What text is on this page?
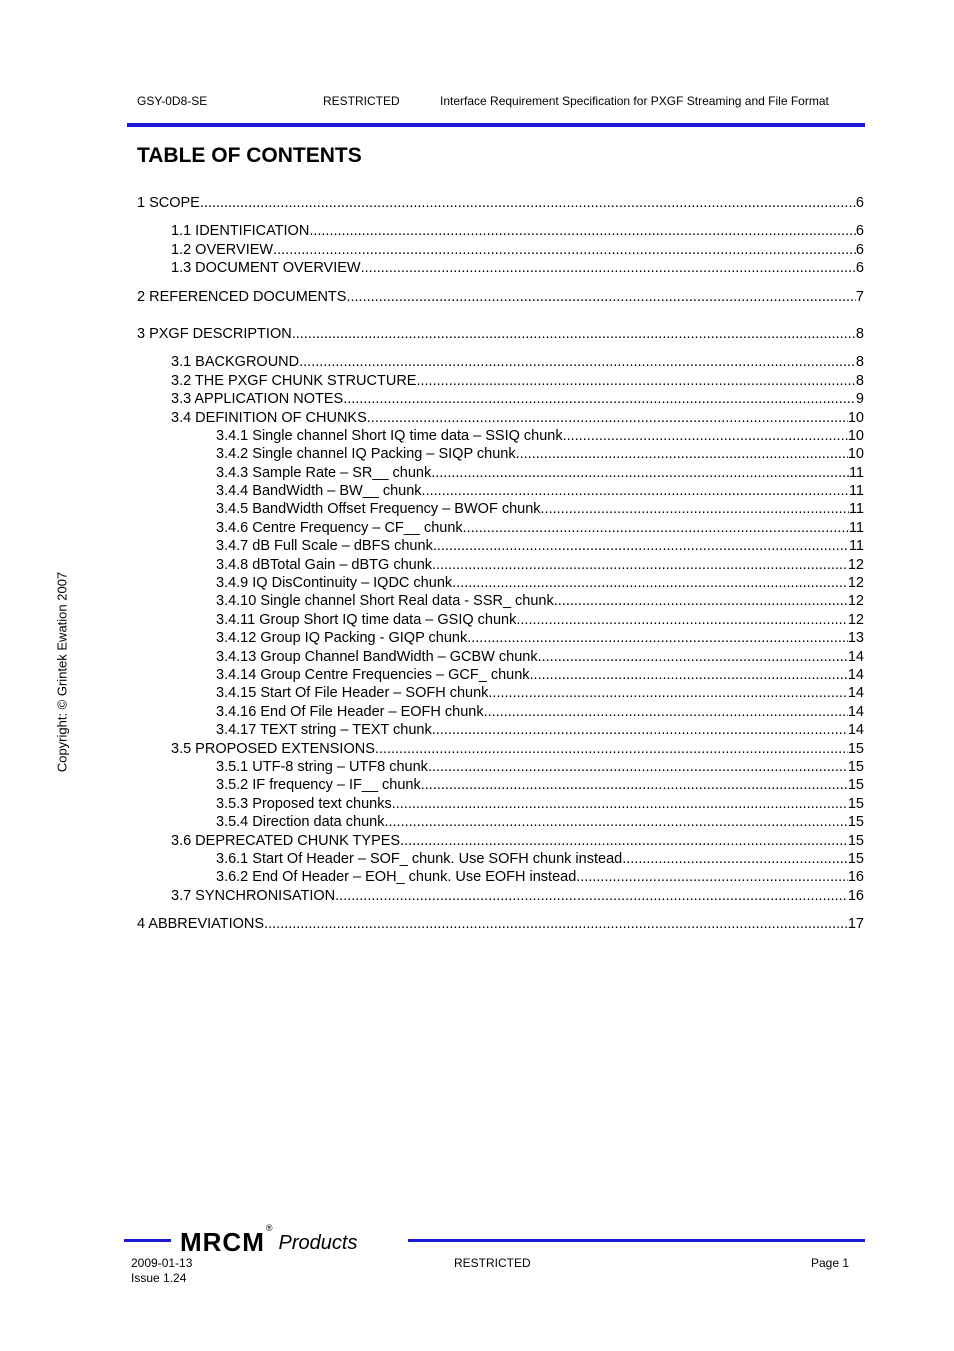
GSY-0D8-SE	RESTRICTED	Interface Requirement Specification for PXGF Streaming and File Format
TABLE OF CONTENTS
1 SCOPE .....	6
1.1 IDENTIFICATION .....	6
1.2 OVERVIEW .....	6
1.3 DOCUMENT OVERVIEW .....	6
2 REFERENCED DOCUMENTS .....	7
3 PXGF DESCRIPTION .....	8
3.1 BACKGROUND .....	8
3.2 THE PXGF CHUNK STRUCTURE .....	8
3.3 APPLICATION NOTES .....	9
3.4 DEFINITION OF CHUNKS .....	10
3.4.1 Single channel Short IQ time data – SSIQ chunk .....	10
3.4.2 Single channel IQ Packing – SIQP chunk .....	10
3.4.3 Sample Rate – SR__ chunk .....	11
3.4.4 BandWidth – BW__ chunk .....	11
3.4.5 BandWidth Offset Frequency – BWOF chunk .....	11
3.4.6 Centre Frequency – CF__ chunk .....	11
3.4.7 dB Full Scale – dBFS chunk .....	11
3.4.8 dBTotal Gain – dBTG chunk .....	12
3.4.9 IQ DisContinuity – IQDC chunk .....	12
3.4.10 Single channel Short Real data - SSR_ chunk .....	12
3.4.11 Group Short IQ time data – GSIQ chunk .....	12
3.4.12 Group IQ Packing - GIQP chunk .....	13
3.4.13 Group Channel BandWidth – GCBW chunk .....	14
3.4.14 Group Centre Frequencies – GCF_ chunk .....	14
3.4.15 Start Of File Header – SOFH chunk .....	14
3.4.16 End Of File Header – EOFH chunk .....	14
3.4.17 TEXT string – TEXT chunk .....	14
3.5 PROPOSED EXTENSIONS .....	15
3.5.1 UTF-8 string – UTF8 chunk .....	15
3.5.2 IF frequency – IF__ chunk .....	15
3.5.3 Proposed text chunks .....	15
3.5.4 Direction data chunk .....	15
3.6 DEPRECATED CHUNK TYPES .....	15
3.6.1 Start Of Header – SOF_ chunk. Use SOFH chunk instead .....	15
3.6.2 End Of Header – EOH_ chunk. Use EOFH instead .....	16
3.7 SYNCHRONISATION .....	16
4 ABBREVIATIONS .....	17
Copyright: © Grintek Ewation 2007
MRCM ®
Products
2009-01-13
Issue 1.24
RESTRICTED	Page 1
